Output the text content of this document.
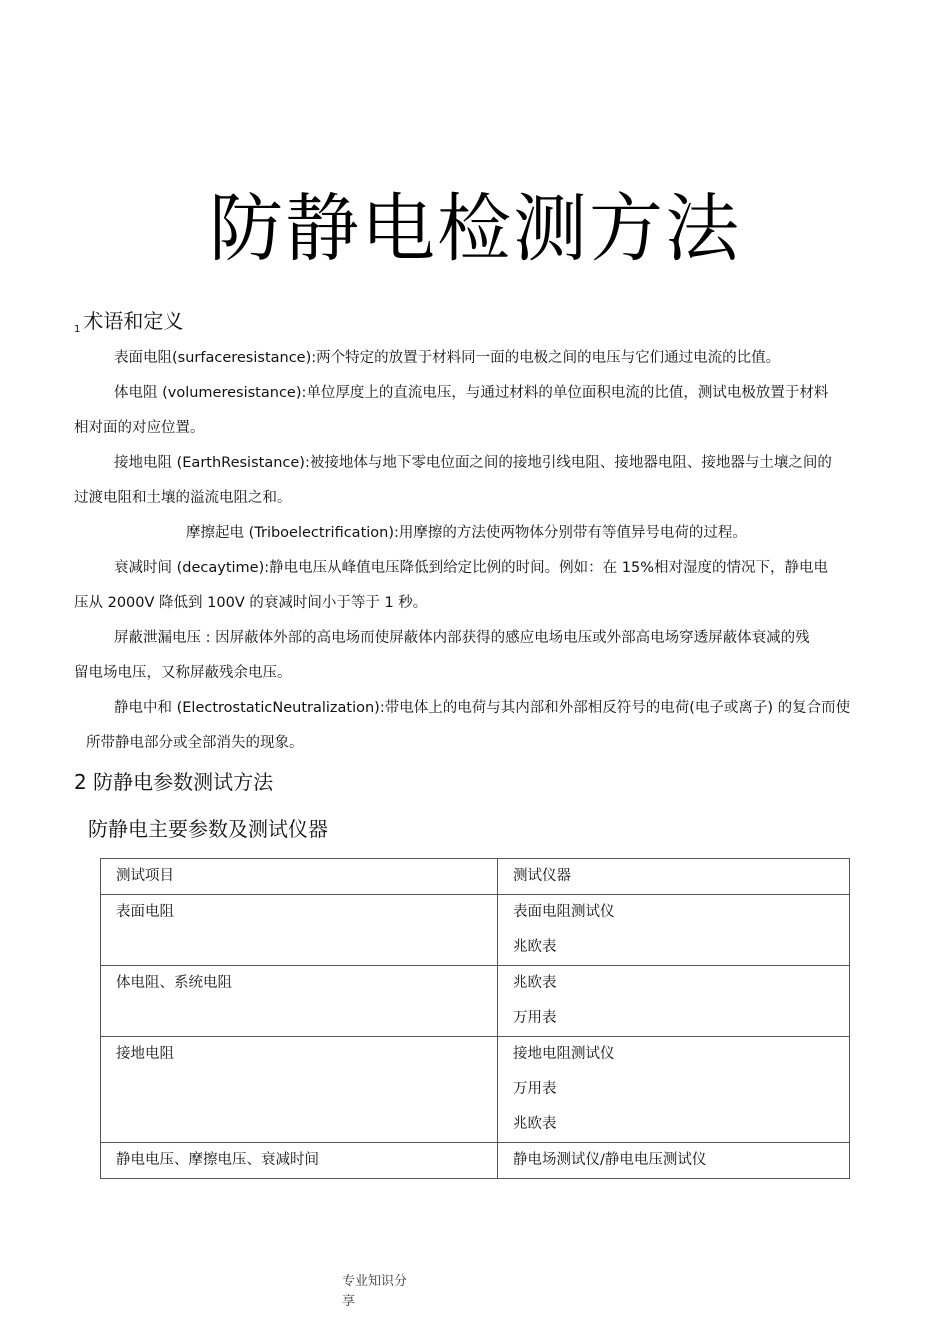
防静电检测方法
$_1$ 术语和定义
表面电阻(surfaceresistance):两个特定的放置于材料同一面的电极之间的电压与它们通过电流的比值。
体电阻 (volumeresistance):单位厚度上的直流电压，与通过材料的单位面积电流的比值，测试电极放置于材料
相对面的对应位置。
接地电阻 (EarthResistance):被接地体与地下零电位面之间的接地引线电阻、接地器电阻、接地器与土壤之间的
过渡电阻和土壤的溢流电阻之和。
摩擦起电 (Triboelectrification):用摩擦的方法使两物体分别带有等值异号电荷的过程。
衰减时间 (decaytime):静电电压从峰值电压降低到给定比例的时间。例如：在 15%相对湿度的情况下，静电电
压从 2000V 降低到 100V 的衰减时间小于等于 1 秒。
屏蔽泄漏电压 : 因屏蔽体外部的高电场而使屏蔽体内部获得的感应电场电压或外部高电场穿透屏蔽体衰减的残
留电场电压，又称屏蔽残余电压。
静电中和 (ElectrostaticNeutralization):带电体上的电荷与其内部和外部相反符号的电荷(电子或离子) 的复合而使
所带静电部分或全部消失的现象。
2 防静电参数测试方法
防静电主要参数及测试仪器
测试项目	测试仪器
表面电阻	表面电阻测试仪
兆欧表

体电阻、系统电阻	兆欧表
万用表

接地电阻	接地电阻测试仪
万用表
兆欧表

静电电压、摩擦电压、衰减时间	静电场测试仪/静电电压测试仪
专业知识分
享
